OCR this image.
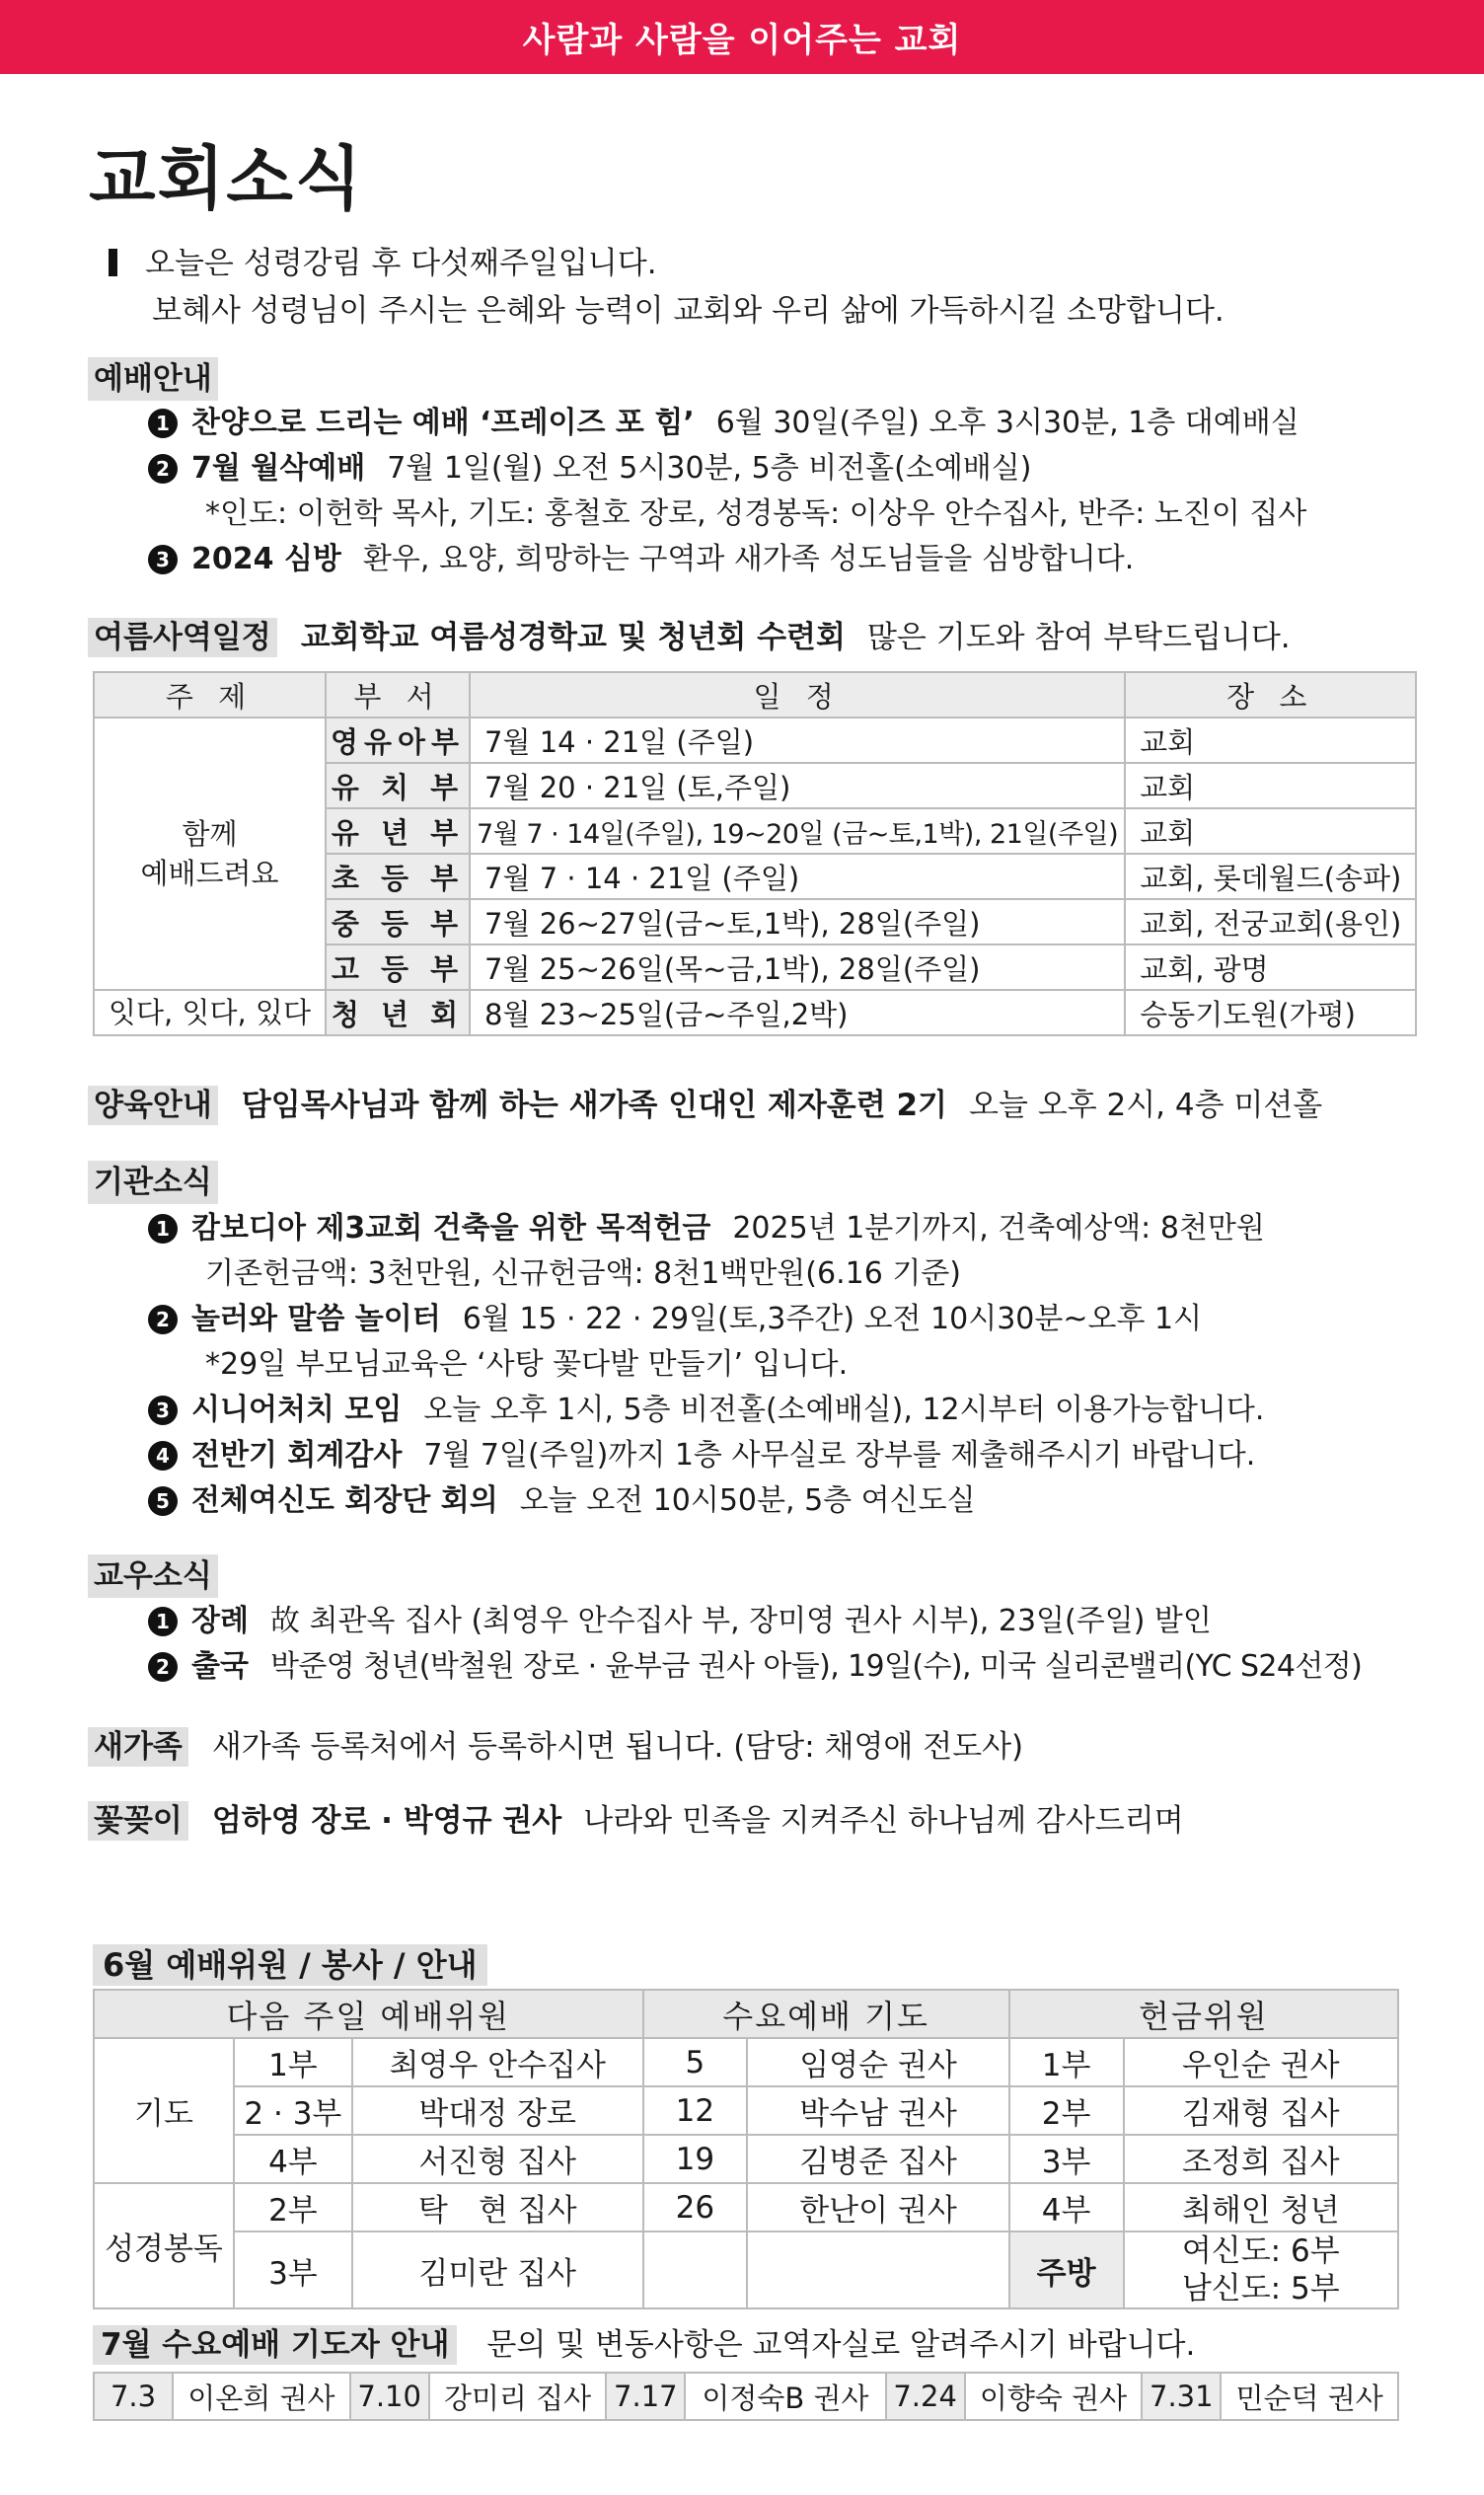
사람과 사람을 이어주는 교회
교회소식
오늘은 성령강림 후 다섯째주일입니다.
보혜사 성령님이 주시는 은혜와 능력이 교회와 우리 삶에 가득하시길 소망합니다.
예배안내
1 찬양으로 드리는 예배 ‘프레이즈 포 힘’ 6월 30일(주일) 오후 3시30분, 1층 대예배실
2 7월 월삭예배 7월 1일(월) 오전 5시30분, 5층 비전홀(소예배실)
*인도: 이헌학 목사, 기도: 홍철호 장로, 성경봉독: 이상우 안수집사, 반주: 노진이 집사
3 2024 심방 환우, 요양, 희망하는 구역과 새가족 성도님들을 심방합니다.
여름사역일정 교회학교 여름성경학교 및 청년회 수련회 많은 기도와 참여 부탁드립니다.
주 제	부 서	일 정	장 소
함께
예배드려요	영유아부	7월 14 · 21일 (주일)	교회
	유 치 부	7월 20 · 21일 (토,주일)	교회
	유 년 부	7월 7 · 14일(주일), 19~20일 (금~토,1박), 21일(주일)	교회
	초 등 부	7월 7 · 14 · 21일 (주일)	교회, 롯데월드(송파)
	중 등 부	7월 26~27일(금~토,1박), 28일(주일)	교회, 전궁교회(용인)
	고 등 부	7월 25~26일(목~금,1박), 28일(주일)	교회, 광명
잇다, 잇다, 있다	청 년 회	8월 23~25일(금~주일,2박)	승동기도원(가평)
양육안내 담임목사님과 함께 하는 새가족 인대인 제자훈련 2기 오늘 오후 2시, 4층 미션홀
기관소식
1 캄보디아 제3교회 건축을 위한 목적헌금 2025년 1분기까지, 건축예상액: 8천만원
기존헌금액: 3천만원, 신규헌금액: 8천1백만원(6.16 기준)
2 놀러와 말씀 놀이터 6월 15 · 22 · 29일(토,3주간) 오전 10시30분~오후 1시
*29일 부모님교육은 ‘사탕 꽃다발 만들기’ 입니다.
3 시니어처치 모임 오늘 오후 1시, 5층 비전홀(소예배실), 12시부터 이용가능합니다.
4 전반기 회계감사 7월 7일(주일)까지 1층 사무실로 장부를 제출해주시기 바랍니다.
5 전체여신도 회장단 회의 오늘 오전 10시50분, 5층 여신도실
교우소식
1 장례 故 최관옥 집사 (최영우 안수집사 부, 장미영 권사 시부), 23일(주일) 발인
2 출국 박준영 청년(박철원 장로 · 윤부금 권사 아들), 19일(수), 미국 실리콘밸리(YC S24선정)
새가족 새가족 등록처에서 등록하시면 됩니다. (담당: 채영애 전도사)
꽃꽂이 엄하영 장로 · 박영규 권사 나라와 민족을 지켜주신 하나님께 감사드리며
6월 예배위원 / 봉사 / 안내
다음 주일 예배위원			수요예배 기도		헌금위원	
기도	1부	최영우 안수집사	5	임영순 권사	1부	우인순 권사
	2 · 3부	박대정 장로	12	박수남 권사	2부	김재형 집사
	4부	서진형 집사	19	김병준 집사	3부	조정희 집사
성경봉독	2부	탁　현 집사	26	한난이 권사	4부	최해인 청년
	3부	김미란 집사			주방	여신도: 6부
남신도: 5부
7월 수요예배 기도자 안내 문의 및 변동사항은 교역자실로 알려주시기 바랍니다.
7.3	이온희 권사	7.10	강미리 집사	7.17	이정숙B 권사	7.24	이향숙 권사	7.31	민순덕 권사
